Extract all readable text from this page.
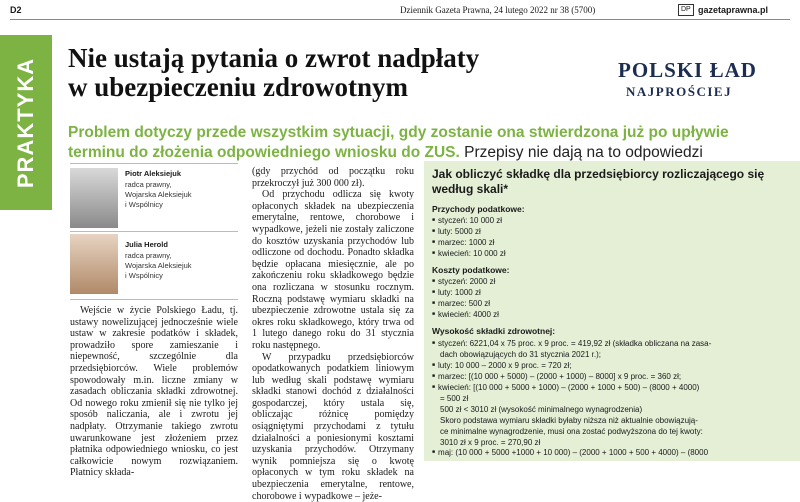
D2	Dziennik Gazeta Prawna, 24 lutego 2022 nr 38 (5700)	DP gazetaprawna.pl
PRAKTYKA Nie ustają pytania o zwrot nadpłaty
w ubezpieczeniu zdrowotnym
POLSKI ŁAD
NAJPROŚCIEJ
Problem dotyczy przede wszystkim sytuacji, gdy zostanie ona stwierdzona już po upływie terminu do złożenia odpowiedniego wniosku do ZUS. Przepisy nie dają na to odpowiedzi
Piotr Aleksiejuk
radca prawny,
Wojarska Aleksiejuk
i Wspólnicy
Julia Herold
radca prawny,
Wojarska Aleksiejuk
i Wspólnicy

Wejście w życie Polskiego Ładu, tj. ustawy nowelizującej jednocześnie wiele ustaw w zakresie podatków i składek, prowadziło spore zamieszanie i niepewność, szczególnie dla przedsiębiorców. Wiele problemów spowodowały m.in. liczne zmiany w zasadach obliczania składki zdrowotnej. Od nowego roku zmienił się nie tylko jej sposób naliczania, ale i zwrotu jej nadpłaty. Otrzymanie takiego zwrotu uwarunkowane jest złożeniem przez płatnika odpowiedniego wniosku, co jest całkowicie nowym rozwiązaniem. Płatnicy składa-

(gdy przychód od początku roku przekroczył już 300 000 zł).

Od przychodu odlicza się kwoty opłaconych składek na ubezpieczenia emerytalne, rentowe, chorobowe i wypadkowe, jeżeli nie zostały zaliczone do kosztów uzyskania przychodów lub odliczone od dochodu. Ponadto składka będzie opłacana miesięcznie, ale po zakończeniu roku składkowego będzie ona rozliczana w stosunku rocznym. Roczną podstawę wymiaru składki na ubezpieczenie zdrowotne ustala się za okres roku składkowego, który trwa od 1 lutego danego roku do 31 stycznia roku następnego.

W przypadku przedsiębiorców opodatkowanych podatkiem liniowym lub według skali podstawę wymiaru składki stanowi dochód z działalności gospodarczej, który ustala się, obliczając różnicę pomiędzy osiągniętymi przychodami z tytułu działalności a poniesionymi kosztami uzyskania przychodów. Otrzymany wynik pomniejsza się o kwotę opłaconych w tym roku składek na ubezpieczenia emerytalne, rentowe, chorobowe i wypadkowe – jeże-

Jak obliczyć składkę dla przedsiębiorcy rozliczającego się według skali*
Przychody podatkowe:
■ styczeń: 10 000 zł
■ luty: 5000 zł
■ marzec: 1000 zł
■ kwiecień: 10 000 zł
Koszty podatkowe:
■ styczeń: 2000 zł
■ luty: 1000 zł
■ marzec: 500 zł
■ kwiecień: 4000 zł
Wysokość składki zdrowotnej:
■ styczeń: 6221,04 x 75 proc. x 9 proc. = 419,92 zł (składka obliczana na zasa-
dach obowiązujących do 31 stycznia 2021 r.);
■ luty: 10 000 – 2000 x 9 proc. = 720 zł;
■ marzec: [(10 000 + 5000) – (2000 + 1000) – 8000] x 9 proc. = 360 zł;
■ kwiecień: [(10 000 + 5000 + 1000) – (2000 + 1000 + 500) – (8000 + 4000)
= 500 zł
500 zł < 3010 zł (wysokość minimalnego wynagrodzenia)
Skoro podstawa wymiaru składki byłaby niższa niż aktualnie obowiązują-
ce minimalne wynagrodzenie, musi ona zostać podwyższona do tej kwoty:
3010 zł x 9 proc. = 270,90 zł
■ maj: (10 000 + 5000 +1000 + 10 000) – (2000 + 1000 + 500 + 4000) – (8000
